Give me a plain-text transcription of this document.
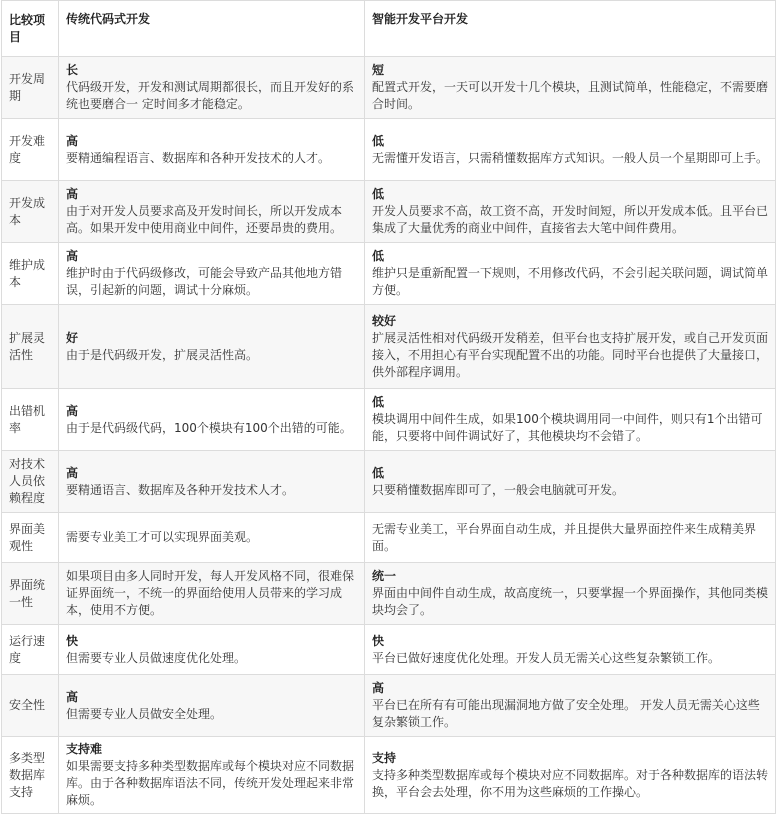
比较项目	传统代码式开发	智能开发平台开发
开发周期	长
代码级开发，开发和测试周期都很长，而且开发好的系统也要磨合一 定时间多才能稳定。	短
配置式开发，一天可以开发十几个模块，且测试简单，性能稳定，不需要磨合时间。

开发难度	高
要精通编程语言、数据库和各种开发技术的人才。	低
无需懂开发语言，只需稍懂数据库方式知识。一般人员一个星期即可上手。

开发成本	高
由于对开发人员要求高及开发时间长，所以开发成本高。如果开发中使用商业中间件，还要昂贵的费用。	低
开发人员要求不高，故工资不高，开发时间短，所以开发成本低。且平台已集成了大量优秀的商业中间件，直接省去大笔中间件费用。

维护成本	高
维护时由于代码级修改，可能会导致产品其他地方错误，引起新的问题，调试十分麻烦。	低
维护只是重新配置一下规则，不用修改代码，不会引起关联问题，调试简单方便。

扩展灵活性	好
由于是代码级开发，扩展灵活性高。	较好
扩展灵活性相对代码级开发稍差，但平台也支持扩展开发，或自己开发页面接入，不用担心有平台实现配置不出的功能。同时平台也提供了大量接口，供外部程序调用。

出错机率	高
由于是代码级代码，100个模块有100个出错的可能。	低
模块调用中间件生成，如果100个模块调用同一中间件，则只有1个出错可能，只要将中间件调试好了，其他模块均不会错了。

对技术人员依赖程度	高
要精通语言、数据库及各种开发技术人才。	低
只要稍懂数据库即可了，一般会电脑就可开发。

界面美观性	需要专业美工才可以实现界面美观。	无需专业美工，平台界面自动生成，并且提供大量界面控件来生成精美界面。

界面统一性	如果项目由多人同时开发，每人开发风格不同，很难保证界面统一，不统一的界面给使用人员带来的学习成本，使用不方便。	统一
界面由中间件自动生成，故高度统一，只要掌握一个界面操作，其他同类模块均会了。

运行速度	快
但需要专业人员做速度优化处理。	快
平台已做好速度优化处理。开发人员无需关心这些复杂繁锁工作。

安全性	高
但需要专业人员做安全处理。	高
平台已在所有有可能出现漏洞地方做了安全处理。 开发人员无需关心这些复杂繁锁工作。

多类型数据库支持	支持难
如果需要支持多种类型数据库或每个模块对应不同数据库。由于各种数据库语法不同，传统开发处理起来非常麻烦。	支持
支持多种类型数据库或每个模块对应不同数据库。对于各种数据库的语法转换，平台会去处理，你不用为这些麻烦的工作操心。
